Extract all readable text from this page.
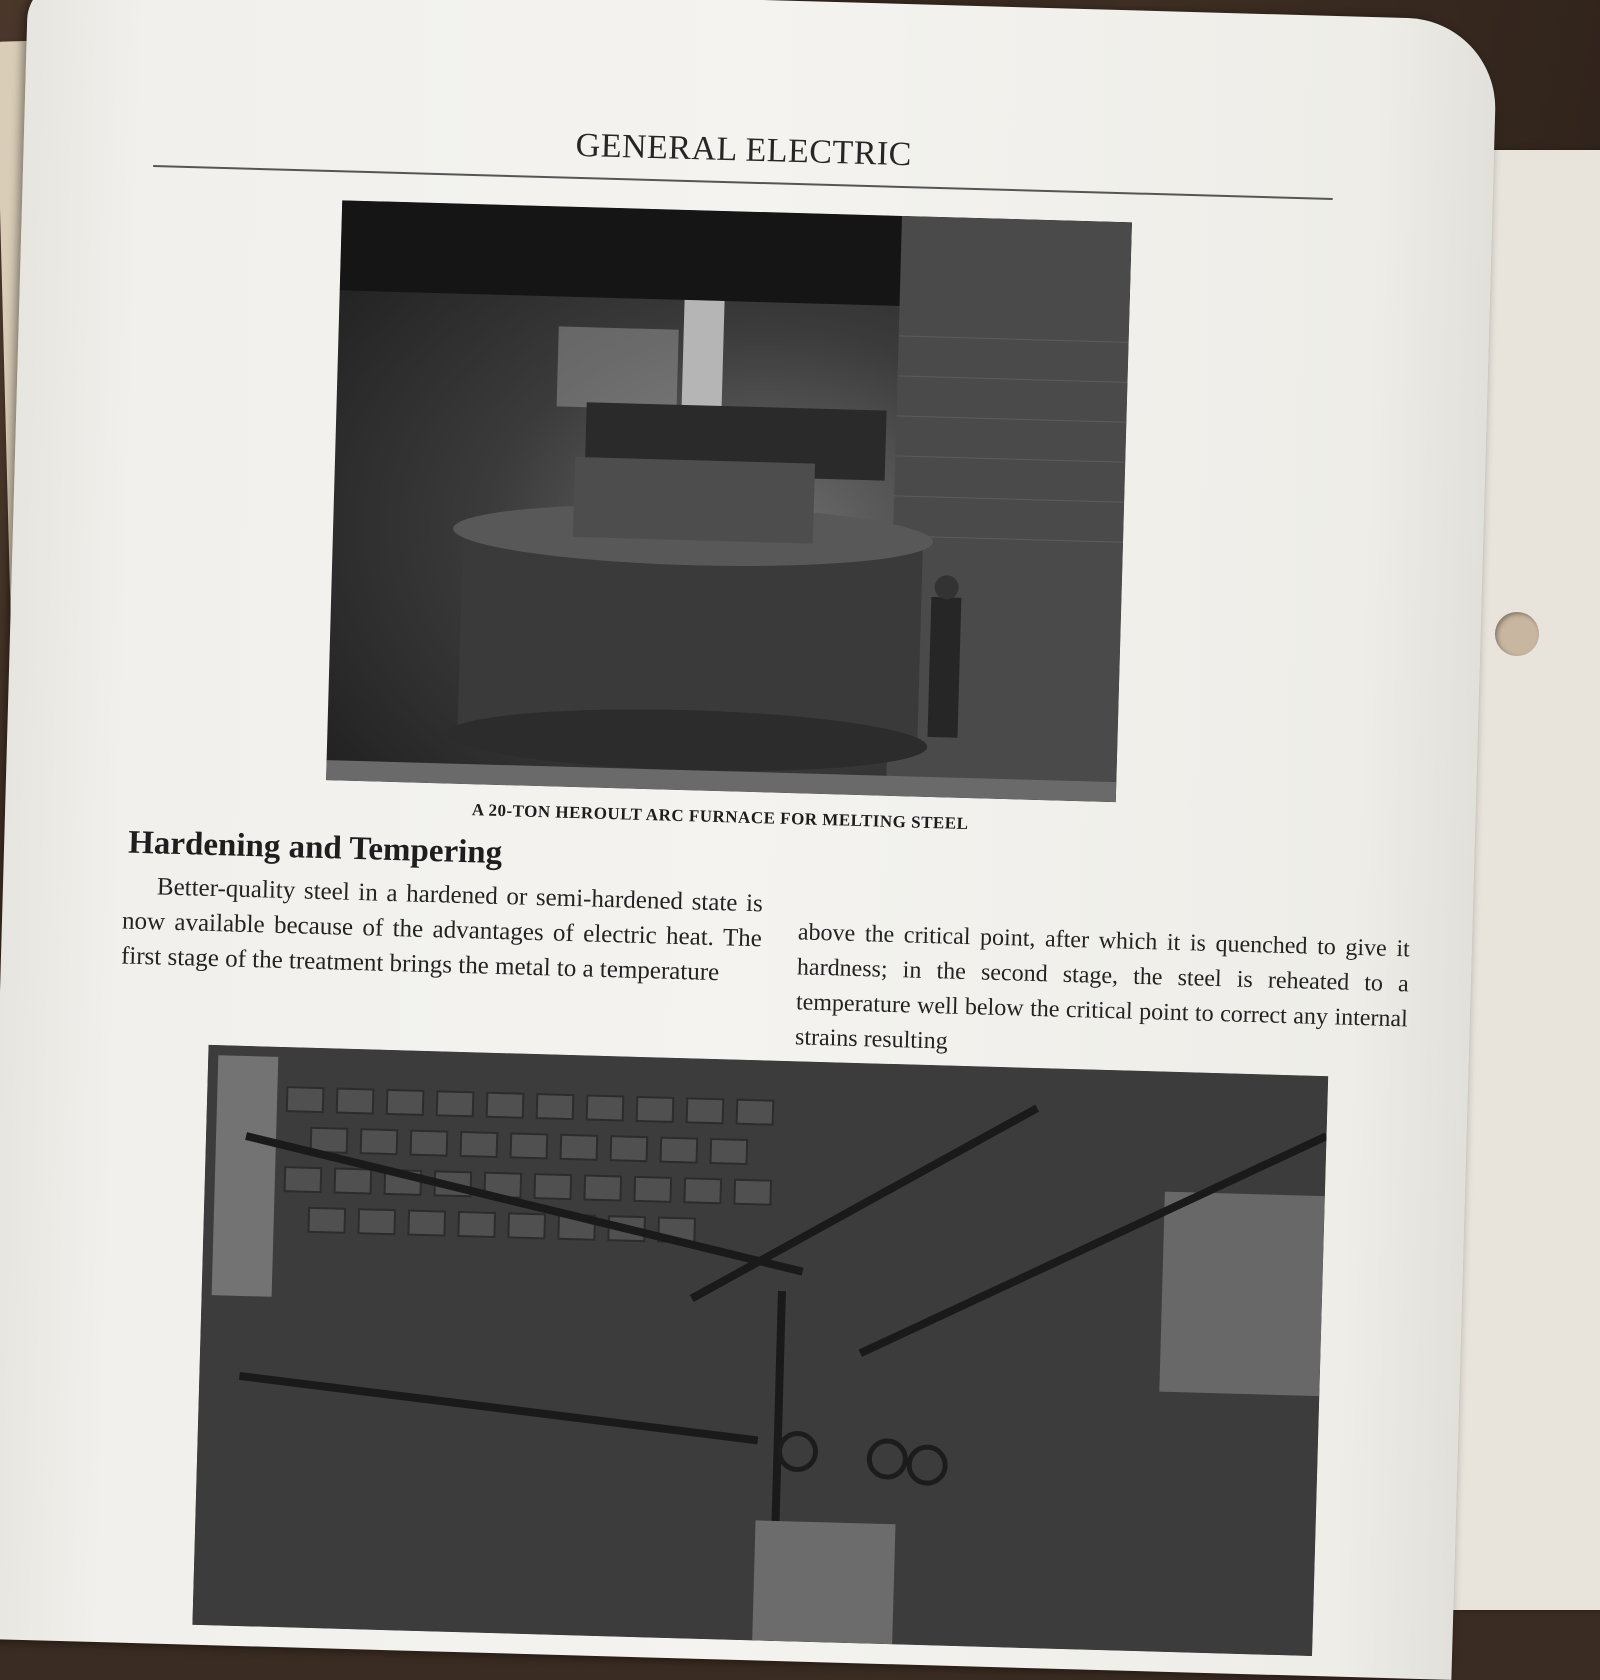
GENERAL ELECTRIC
A 20-TON HEROULT ARC FURNACE FOR MELTING STEEL
Hardening and Tempering
Better-quality steel in a hardened or semi-hardened state is now available because of the advantages of electric heat. The first stage of the treatment brings the metal to a temperature
above the critical point, after which it is quenched to give it hardness; in the second stage, the steel is reheated to a temperature well below the critical point to correct any internal strains resulting
